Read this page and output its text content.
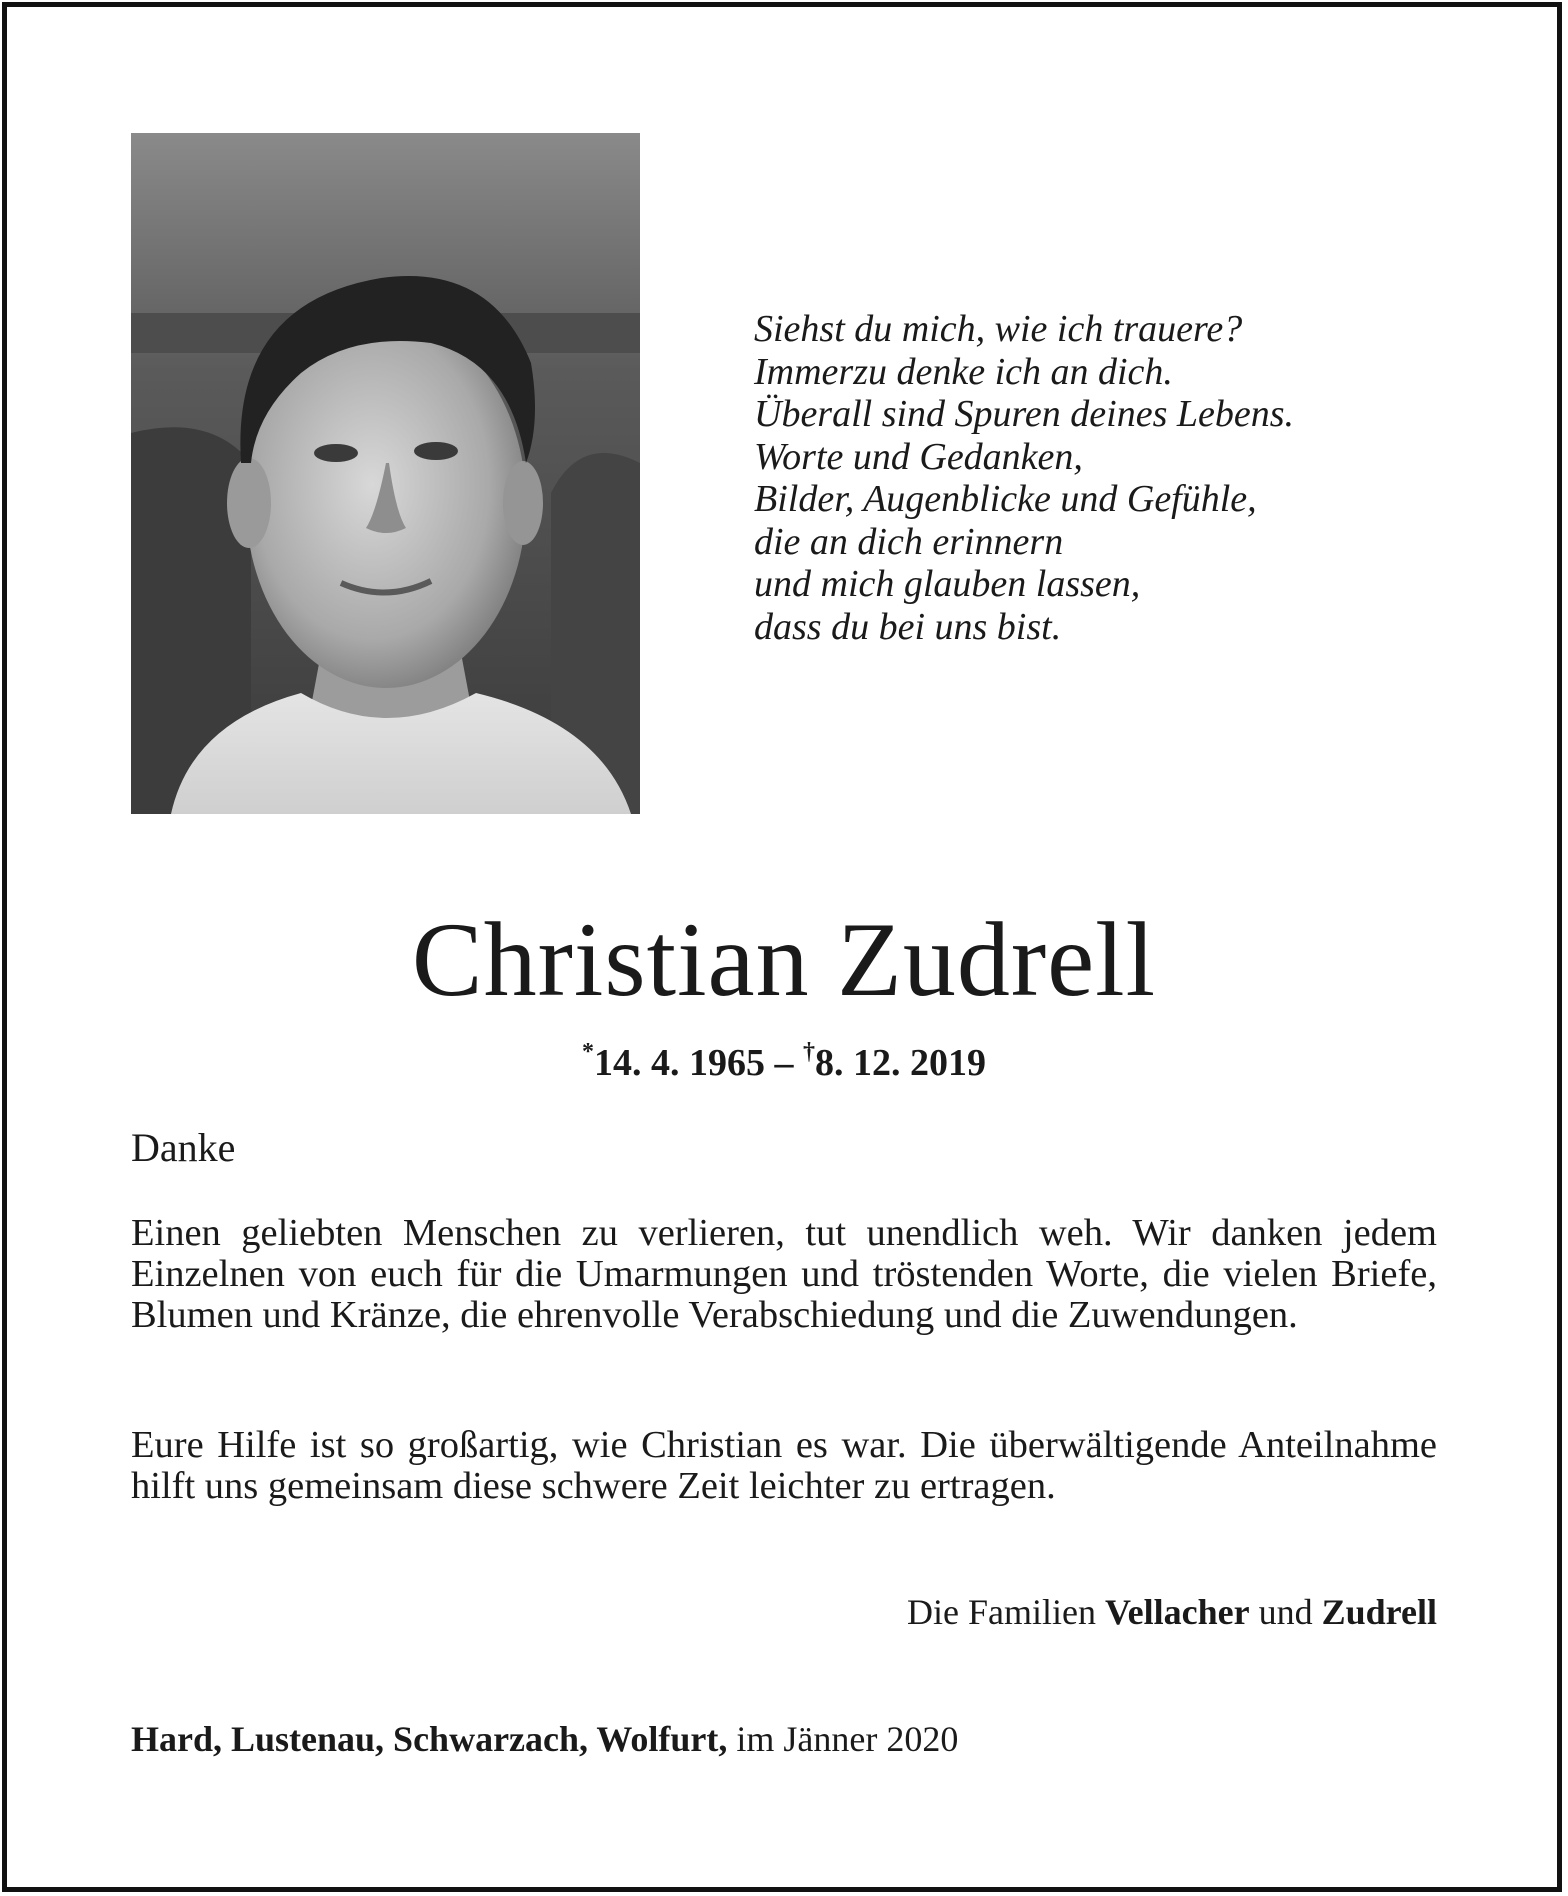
Siehst du mich, wie ich trauere?
Immerzu denke ich an dich.
Überall sind Spuren deines Lebens.
Worte und Gedanken,
Bilder, Augenblicke und Gefühle,
die an dich erinnern
und mich glauben lassen,
dass du bei uns bist.
Christian Zudrell
*14. 4. 1965 – †8. 12. 2019
Danke

Einen geliebten Menschen zu verlieren, tut unendlich weh. Wir danken jedem Einzelnen von euch für die Umarmungen und tröstenden Worte, die vielen Briefe, Blumen und Kränze, die ehrenvolle Verabschiedung und die Zuwendungen.

Eure Hilfe ist so großartig, wie Christian es war. Die überwältigende Anteilnahme hilft uns gemeinsam diese schwere Zeit leichter zu ertragen.

Die Familien Vellacher und Zudrell
Hard, Lustenau, Schwarzach, Wolfurt, im Jänner 2020
